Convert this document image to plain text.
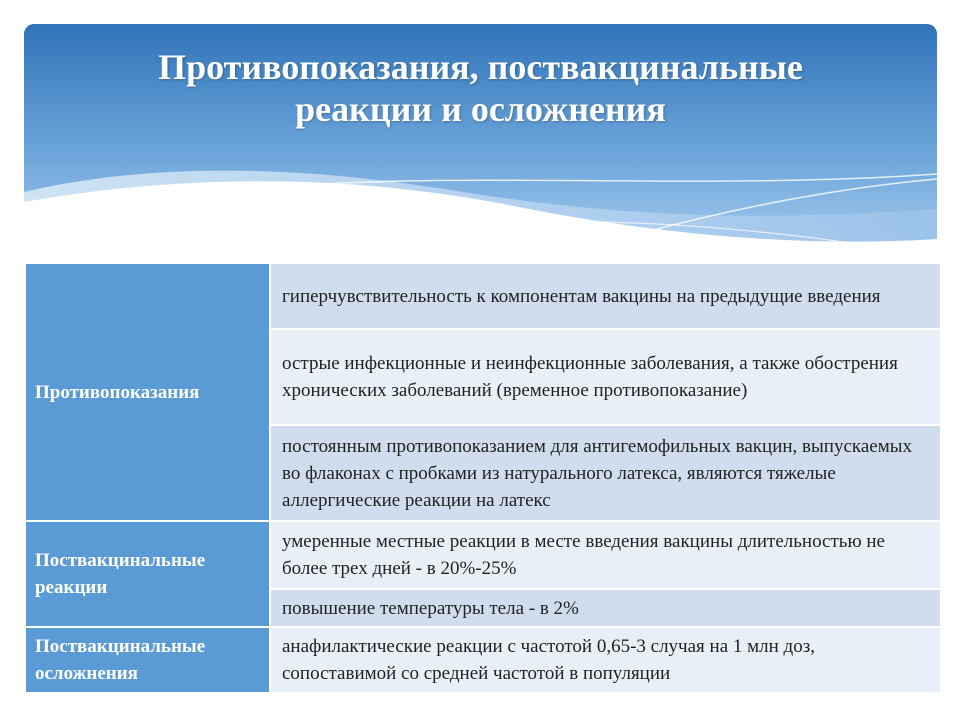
Противопоказания, поствакцинальные
реакции и осложнения
Противопоказания	гиперчувствительность к компонентам вакцины на предыдущие введения
	острые инфекционные и неинфекционные заболевания, а также обострения хронических заболеваний (временное противопоказание)
	постоянным противопоказанием для антигемофильных вакцин, выпускаемых во флаконах с пробками из натурального латекса, являются тяжелые аллергические реакции на латекс
Поствакцинальные реакции	умеренные местные реакции в месте введения вакцины длительностью не более трех дней - в 20%-25%
	повышение температуры тела - в 2%
Поствакцинальные осложнения	анафилактические реакции с частотой 0,65-3 случая на 1 млн доз, сопоставимой со средней частотой в популяции
